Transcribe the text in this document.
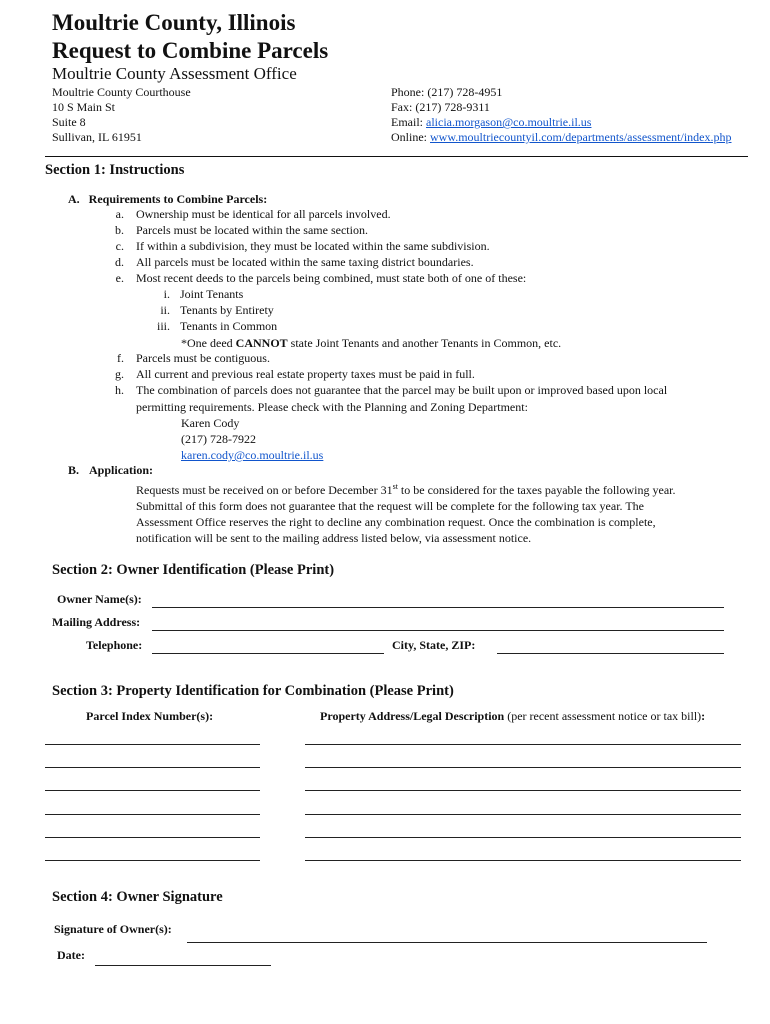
Moultrie County, Illinois
Request to Combine Parcels
Moultrie County Assessment Office
Moultrie County Courthouse
10 S Main St
Suite 8
Sullivan, IL 61951
Phone: (217) 728-4951
Fax: (217) 728-9311
Email: alicia.morgason@co.moultrie.il.us
Online: www.moultriecountyil.com/departments/assessment/index.php
Section 1: Instructions
A. Requirements to Combine Parcels:
a. Ownership must be identical for all parcels involved.
b. Parcels must be located within the same section.
c. If within a subdivision, they must be located within the same subdivision.
d. All parcels must be located within the same taxing district boundaries.
e. Most recent deeds to the parcels being combined, must state both of one of these:
i. Joint Tenants
ii. Tenants by Entirety
iii. Tenants in Common
*One deed CANNOT state Joint Tenants and another Tenants in Common, etc.
f. Parcels must be contiguous.
g. All current and previous real estate property taxes must be paid in full.
h. The combination of parcels does not guarantee that the parcel may be built upon or improved based upon local
permitting requirements. Please check with the Planning and Zoning Department:
Karen Cody
(217) 728-7922
karen.cody@co.moultrie.il.us
B. Application:
Requests must be received on or before December 31st to be considered for the taxes payable the following year.
Submittal of this form does not guarantee that the request will be complete for the following tax year. The
Assessment Office reserves the right to decline any combination request. Once the combination is complete,
notification will be sent to the mailing address listed below, via assessment notice.
Section 2: Owner Identification (Please Print)
Owner Name(s):
Mailing Address:
Telephone:	City, State, ZIP:
Section 3: Property Identification for Combination (Please Print)
Parcel Index Number(s):	Property Address/Legal Description (per recent assessment notice or tax bill):
Section 4: Owner Signature
Signature of Owner(s):
Date:
